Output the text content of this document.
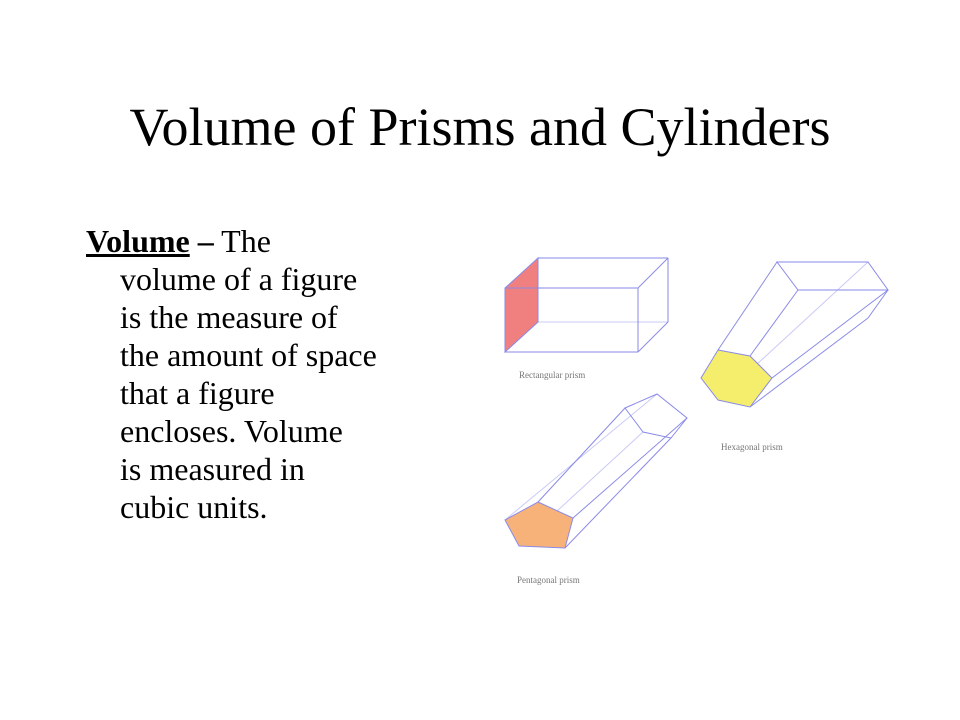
Volume of Prisms and Cylinders
Volume – The
volume of a figure
is the measure of
the amount of space
that a figure
encloses. Volume
is measured in
cubic units.
Rectangular prism
Hexagonal prism
Pentagonal prism
